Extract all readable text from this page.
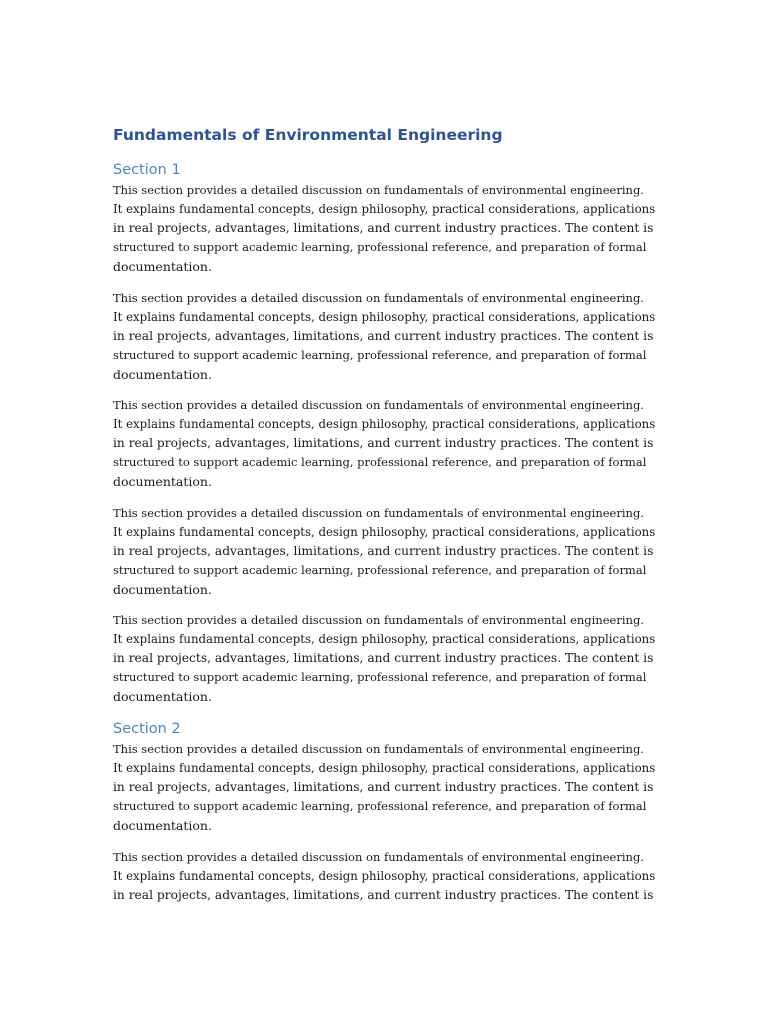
Fundamentals of Environmental Engineering
Section 1
This section provides a detailed discussion on fundamentals of environmental engineering.
It explains fundamental concepts, design philosophy, practical considerations, applications
in real projects, advantages, limitations, and current industry practices. The content is
structured to support academic learning, professional reference, and preparation of formal
documentation.
This section provides a detailed discussion on fundamentals of environmental engineering.
It explains fundamental concepts, design philosophy, practical considerations, applications
in real projects, advantages, limitations, and current industry practices. The content is
structured to support academic learning, professional reference, and preparation of formal
documentation.
This section provides a detailed discussion on fundamentals of environmental engineering.
It explains fundamental concepts, design philosophy, practical considerations, applications
in real projects, advantages, limitations, and current industry practices. The content is
structured to support academic learning, professional reference, and preparation of formal
documentation.
This section provides a detailed discussion on fundamentals of environmental engineering.
It explains fundamental concepts, design philosophy, practical considerations, applications
in real projects, advantages, limitations, and current industry practices. The content is
structured to support academic learning, professional reference, and preparation of formal
documentation.
This section provides a detailed discussion on fundamentals of environmental engineering.
It explains fundamental concepts, design philosophy, practical considerations, applications
in real projects, advantages, limitations, and current industry practices. The content is
structured to support academic learning, professional reference, and preparation of formal
documentation.
Section 2
This section provides a detailed discussion on fundamentals of environmental engineering.
It explains fundamental concepts, design philosophy, practical considerations, applications
in real projects, advantages, limitations, and current industry practices. The content is
structured to support academic learning, professional reference, and preparation of formal
documentation.
This section provides a detailed discussion on fundamentals of environmental engineering.
It explains fundamental concepts, design philosophy, practical considerations, applications
in real projects, advantages, limitations, and current industry practices. The content is
